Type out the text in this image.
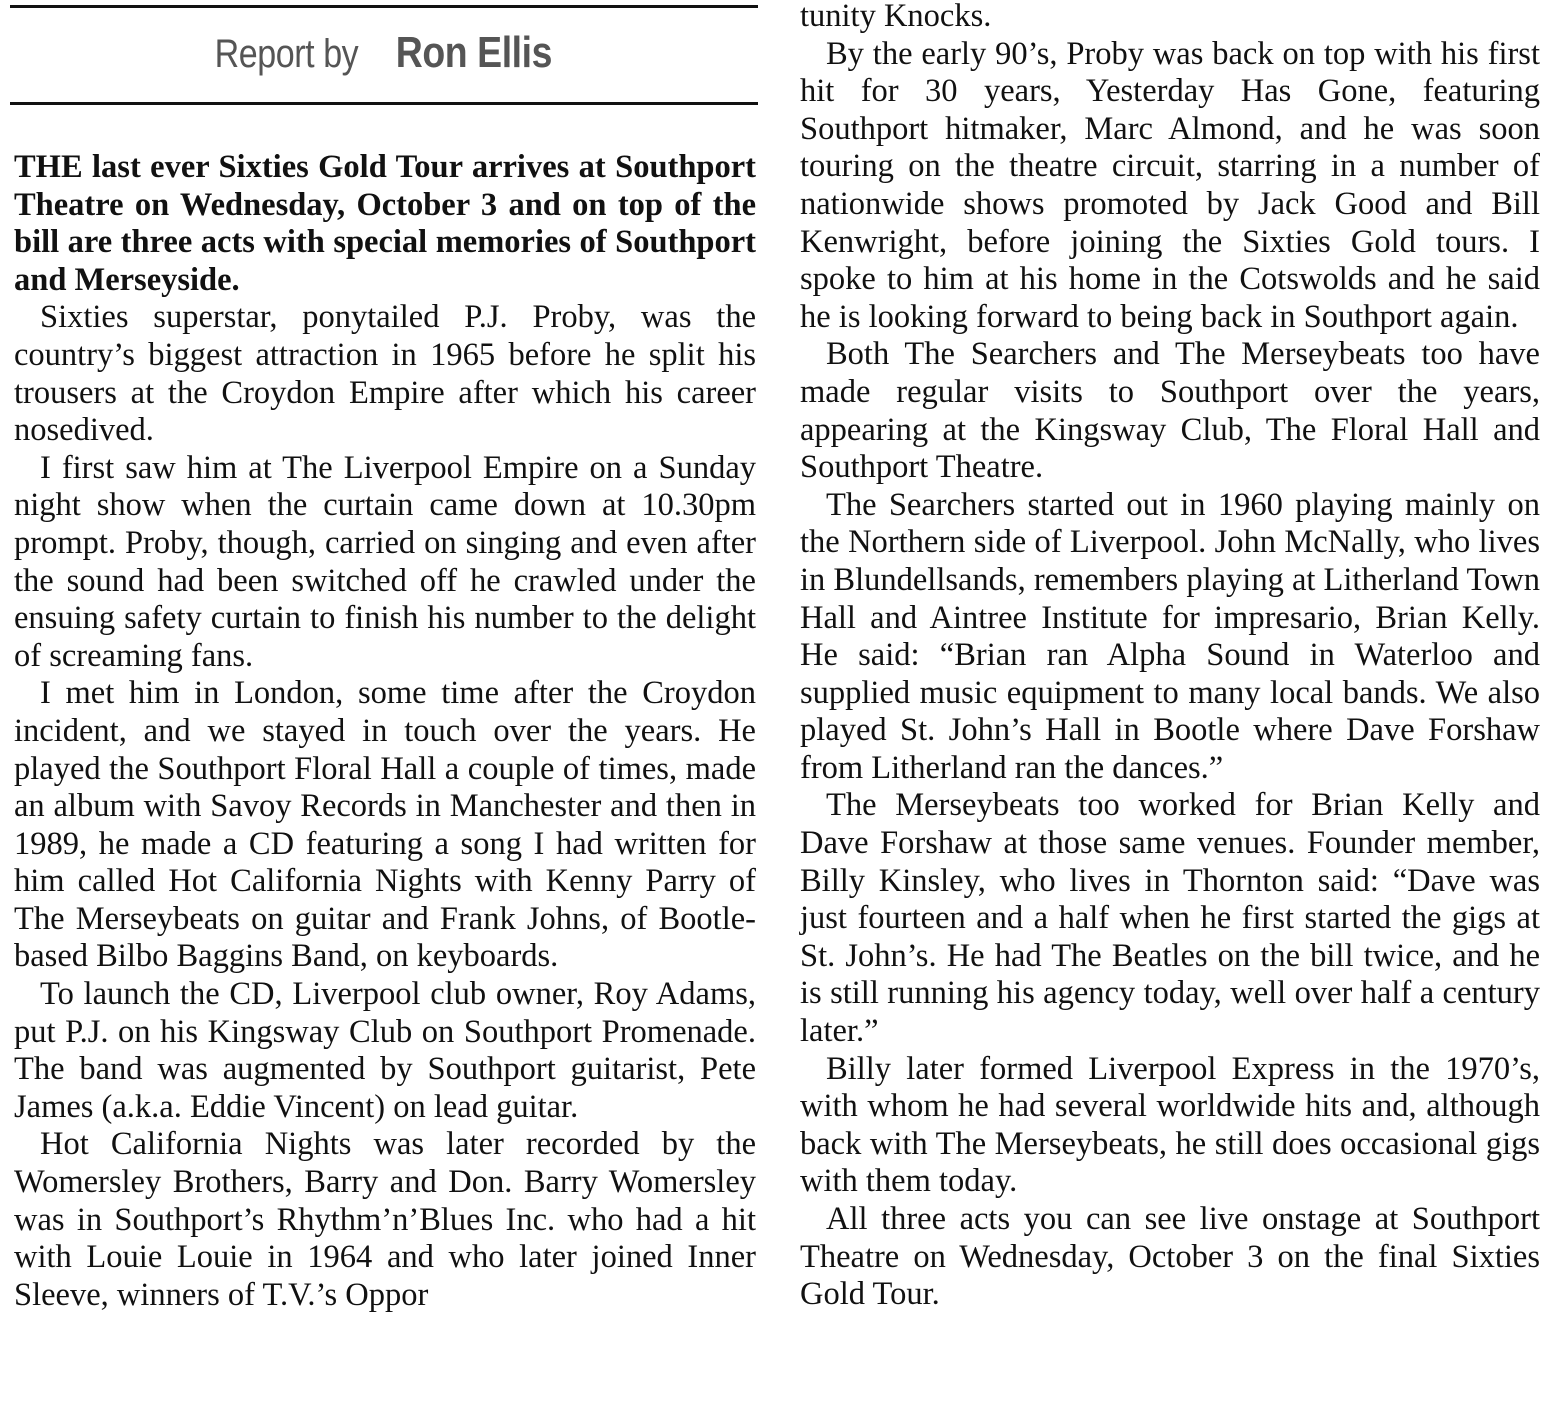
Report by Ron Ellis
THE last ever Sixties Gold Tour arrives at Southport Theatre on Wednesday, October 3 and on top of the bill are three acts with special memories of Southport and Merseyside.

Sixties superstar, ponytailed P.J. Proby, was the country’s biggest attraction in 1965 before he split his trousers at the Croydon Empire after which his career nosedived.

I first saw him at The Liverpool Empire on a Sunday night show when the curtain came down at 10.30pm prompt. Proby, though, carried on singing and even after the sound had been switched off he crawled under the ensuing safety curtain to finish his number to the delight of screaming fans.

I met him in London, some time after the Croydon incident, and we stayed in touch over the years. He played the Southport Floral Hall a couple of times, made an album with Savoy Records in Manchester and then in 1989, he made a CD featuring a song I had written for him called Hot California Nights with Kenny Parry of The Merseybeats on guitar and Frank Johns, of Bootle-based Bilbo Baggins Band, on keyboards.

To launch the CD, Liverpool club owner, Roy Adams, put P.J. on his Kingsway Club on Southport Promenade. The band was augmented by Southport guitarist, Pete James (a.k.a. Eddie Vincent) on lead guitar.

Hot California Nights was later recorded by the Womersley Brothers, Barry and Don. Barry Womersley was in Southport’s Rhythm’n’Blues Inc. who had a hit with Louie Louie in 1964 and who later joined Inner Sleeve, winners of T.V.’s Oppor

tunity Knocks.

By the early 90’s, Proby was back on top with his first hit for 30 years, Yesterday Has Gone, featuring Southport hitmaker, Marc Almond, and he was soon touring on the theatre circuit, starring in a number of nationwide shows promoted by Jack Good and Bill Kenwright, before joining the Sixties Gold tours. I spoke to him at his home in the Cotswolds and he said he is looking forward to being back in Southport again.

Both The Searchers and The Merseybeats too have made regular visits to Southport over the years, appearing at the Kingsway Club, The Floral Hall and Southport Theatre.

The Searchers started out in 1960 playing mainly on the Northern side of Liverpool. John McNally, who lives in Blundellsands, remembers playing at Litherland Town Hall and Aintree Institute for impresario, Brian Kelly. He said: “Brian ran Alpha Sound in Waterloo and supplied music equipment to many local bands. We also played St. John’s Hall in Bootle where Dave Forshaw from Litherland ran the dances.”

The Merseybeats too worked for Brian Kelly and Dave Forshaw at those same venues. Founder member, Billy Kinsley, who lives in Thornton said: “Dave was just fourteen and a half when he first started the gigs at St. John’s. He had The Beatles on the bill twice, and he is still running his agency today, well over half a century later.”

Billy later formed Liverpool Express in the 1970’s, with whom he had several worldwide hits and, although back with The Merseybeats, he still does occasional gigs with them today.

All three acts you can see live onstage at Southport Theatre on Wednesday, October 3 on the final Sixties Gold Tour.
